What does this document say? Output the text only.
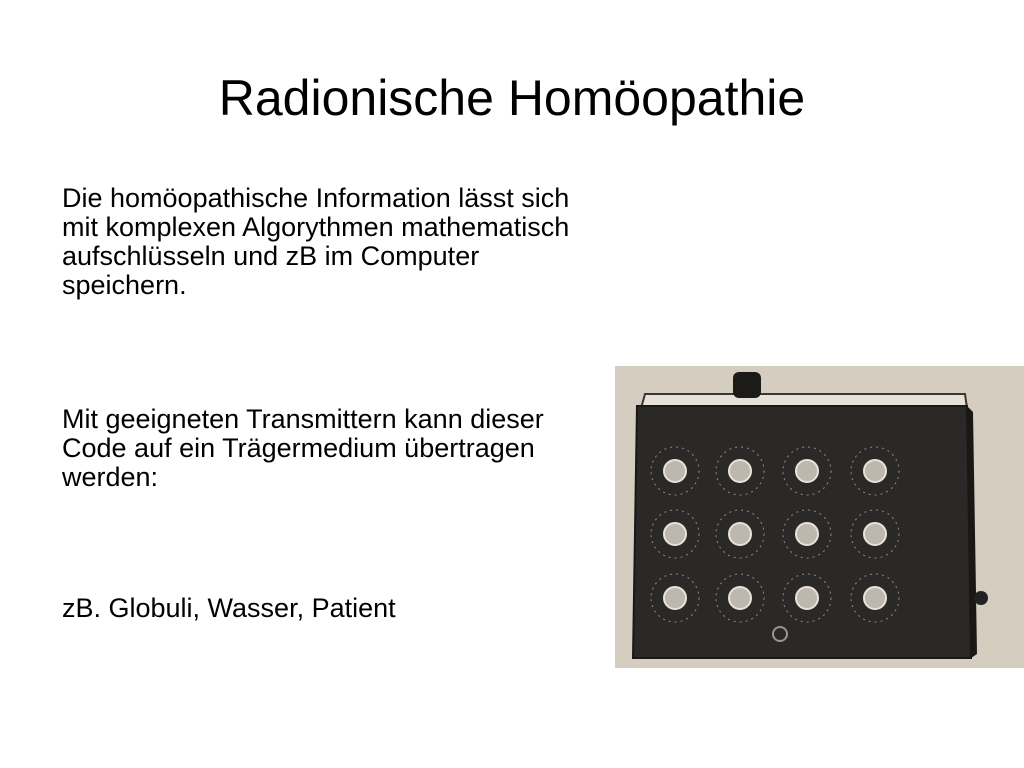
Radionische Homöopathie

Die homöopathische Information lässt sich mit komplexen Algorythmen mathematisch aufschlüsseln und zB im Computer speichern.

Mit geeigneten Transmittern kann dieser Code auf ein Trägermedium übertragen werden:

zB. Globuli, Wasser, Patient
